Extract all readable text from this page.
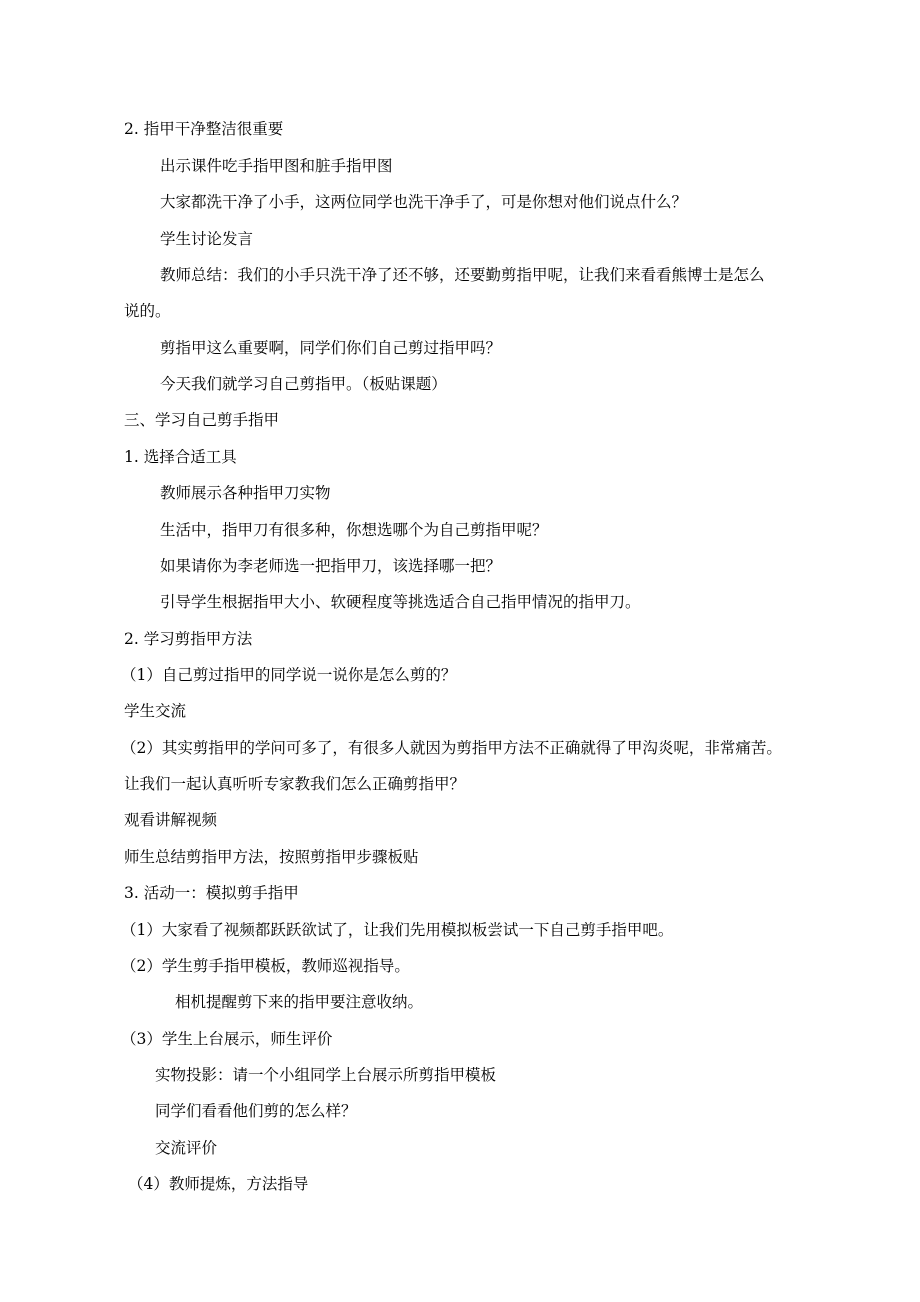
2. 指甲干净整洁很重要
出示课件吃手指甲图和脏手指甲图
大家都洗干净了小手，这两位同学也洗干净手了，可是你想对他们说点什么？
学生讨论发言
教师总结：我们的小手只洗干净了还不够，还要勤剪指甲呢，让我们来看看熊博士是怎么
说的。
剪指甲这么重要啊，同学们你们自己剪过指甲吗？
今天我们就学习自己剪指甲。（板贴课题）
三、学习自己剪手指甲
1. 选择合适工具
教师展示各种指甲刀实物
生活中，指甲刀有很多种，你想选哪个为自己剪指甲呢？
如果请你为李老师选一把指甲刀，该选择哪一把？
引导学生根据指甲大小、软硬程度等挑选适合自己指甲情况的指甲刀。
2. 学习剪指甲方法
（1）自己剪过指甲的同学说一说你是怎么剪的？
学生交流
（2）其实剪指甲的学问可多了，有很多人就因为剪指甲方法不正确就得了甲沟炎呢，非常痛苦。
让我们一起认真听听专家教我们怎么正确剪指甲？
观看讲解视频
师生总结剪指甲方法，按照剪指甲步骤板贴
3. 活动一：模拟剪手指甲
（1）大家看了视频都跃跃欲试了，让我们先用模拟板尝试一下自己剪手指甲吧。
（2）学生剪手指甲模板，教师巡视指导。
相机提醒剪下来的指甲要注意收纳。
（3）学生上台展示，师生评价
实物投影：请一个小组同学上台展示所剪指甲模板
同学们看看他们剪的怎么样？
交流评价
（4）教师提炼，方法指导
